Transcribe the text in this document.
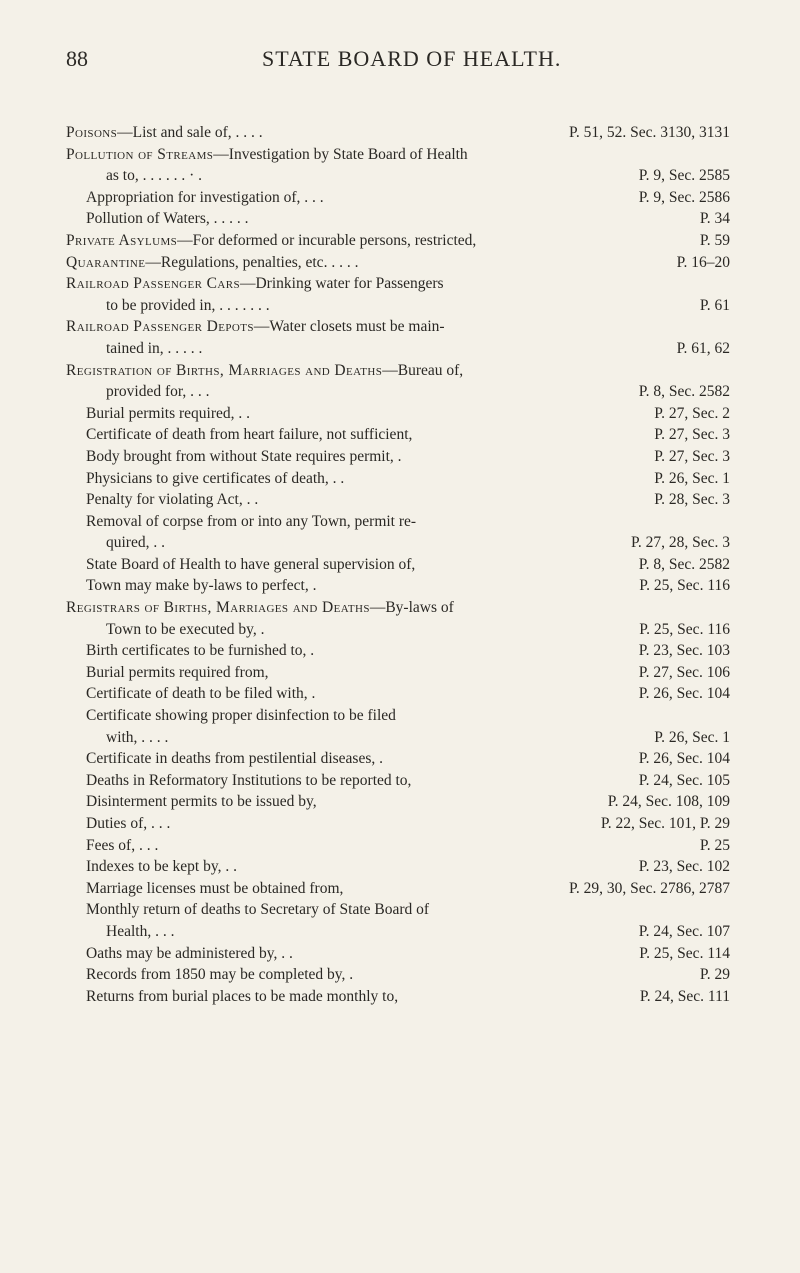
88	STATE BOARD OF HEALTH.
Poisons—List and sale of, . . . .	P. 51, 52. Sec. 3130, 3131
Pollution of Streams—Investigation by State Board of Health
as to, . . . . . . · .	P. 9, Sec. 2585
Appropriation for investigation of, . . .	P. 9, Sec. 2586
Pollution of Waters, . . . . .	P. 34
Private Asylums—For deformed or incurable persons, restricted,	P. 59
Quarantine—Regulations, penalties, etc. . . . .	P. 16–20
Railroad Passenger Cars—Drinking water for Passengers
to be provided in, . . . . . . .	P. 61
Railroad Passenger Depots—Water closets must be main-
tained in, . . . . .	P. 61, 62
Registration of Births, Marriages and Deaths—Bureau of,
provided for, . . .	P. 8, Sec. 2582
Burial permits required, . .	P. 27, Sec. 2
Certificate of death from heart failure, not sufficient,	P. 27, Sec. 3
Body brought from without State requires permit, .	P. 27, Sec. 3
Physicians to give certificates of death, . .	P. 26, Sec. 1
Penalty for violating Act, . .	P. 28, Sec. 3
Removal of corpse from or into any Town, permit re-
quired, . .	P. 27, 28, Sec. 3
State Board of Health to have general supervision of,	P. 8, Sec. 2582
Town may make by-laws to perfect, .	P. 25, Sec. 116
Registrars of Births, Marriages and Deaths—By-laws of
Town to be executed by, .	P. 25, Sec. 116
Birth certificates to be furnished to, .	P. 23, Sec. 103
Burial permits required from,	P. 27, Sec. 106
Certificate of death to be filed with, .	P. 26, Sec. 104
Certificate showing proper disinfection to be filed
with, . . . .	P. 26, Sec. 1
Certificate in deaths from pestilential diseases, .	P. 26, Sec. 104
Deaths in Reformatory Institutions to be reported to,	P. 24, Sec. 105
Disinterment permits to be issued by,	P. 24, Sec. 108, 109
Duties of, . . .	P. 22, Sec. 101, P. 29
Fees of, . . .	P. 25
Indexes to be kept by, . .	P. 23, Sec. 102
Marriage licenses must be obtained from,	P. 29, 30, Sec. 2786, 2787
Monthly return of deaths to Secretary of State Board of
Health, . . .	P. 24, Sec. 107
Oaths may be administered by, . .	P. 25, Sec. 114
Records from 1850 may be completed by, .	P. 29
Returns from burial places to be made monthly to,	P. 24, Sec. 111
